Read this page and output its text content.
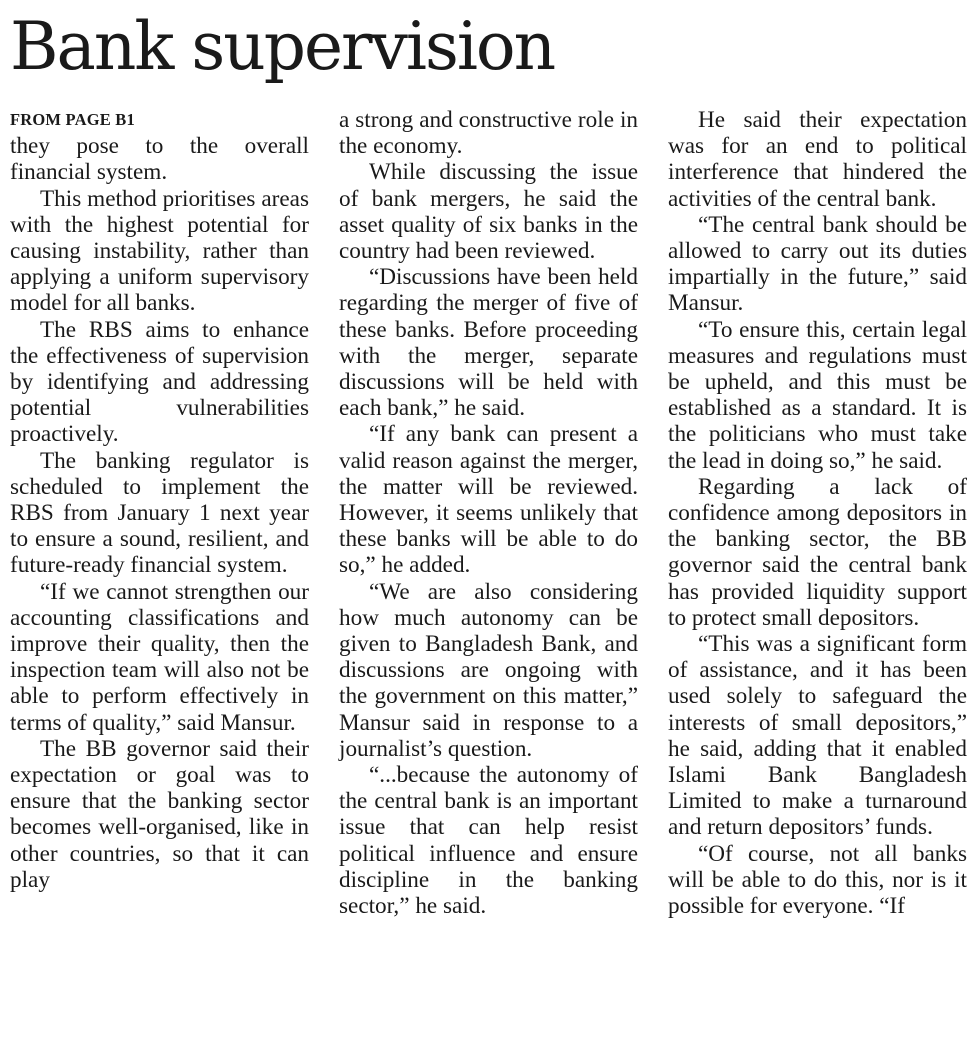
Bank supervision
FROM PAGE B1

they pose to the overall financial system.

This method prioritises areas with the highest potential for causing instability, rather than applying a uniform supervisory model for all banks.

The RBS aims to enhance the effectiveness of supervision by identifying and addressing potential vulnerabilities proactively.

The banking regulator is scheduled to implement the RBS from January 1 next year to ensure a sound, resilient, and future-ready financial system.

“If we cannot strengthen our accounting classifications and improve their quality, then the inspection team will also not be able to perform effectively in terms of quality,” said Mansur.

The BB governor said their expectation or goal was to ensure that the banking sector becomes well-organised, like in other countries, so that it can play

a strong and constructive role in the economy.

While discussing the issue of bank mergers, he said the asset quality of six banks in the country had been reviewed.

“Discussions have been held regarding the merger of five of these banks. Before proceeding with the merger, separate discussions will be held with each bank,” he said.

“If any bank can present a valid reason against the merger, the matter will be reviewed. However, it seems unlikely that these banks will be able to do so,” he added.

“We are also considering how much autonomy can be given to Bangladesh Bank, and discussions are ongoing with the government on this matter,” Mansur said in response to a journalist’s question.

“...because the autonomy of the central bank is an important issue that can help resist political influence and ensure discipline in the banking sector,” he said.

He said their expectation was for an end to political interference that hindered the activities of the central bank.

“The central bank should be allowed to carry out its duties impartially in the future,” said Mansur.

“To ensure this, certain legal measures and regulations must be upheld, and this must be established as a standard. It is the politicians who must take the lead in doing so,” he said.

Regarding a lack of confidence among depositors in the banking sector, the BB governor said the central bank has provided liquidity support to protect small depositors.

“This was a significant form of assistance, and it has been used solely to safeguard the interests of small depositors,” he said, adding that it enabled Islami Bank Bangladesh Limited to make a turnaround and return depositors’ funds.

“Of course, not all banks will be able to do this, nor is it possible for everyone. “If
